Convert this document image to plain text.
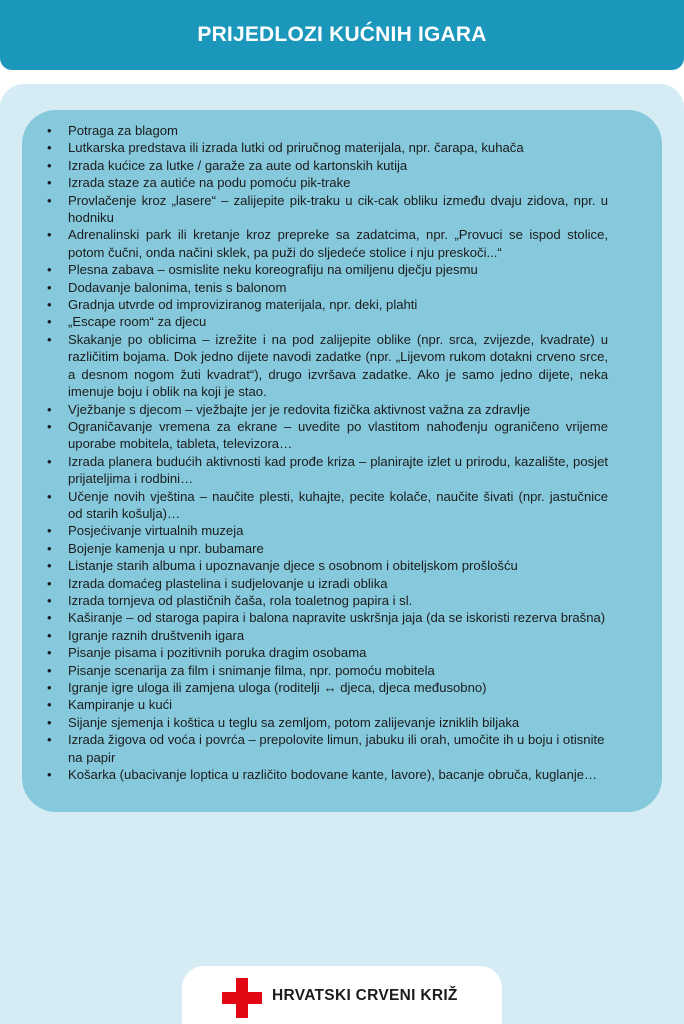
PRIJEDLOZI KUĆNIH IGARA
•	Potraga za blagom
•	Lutkarska predstava ili izrada lutki od priručnog materijala, npr. čarapa, kuhača
•	Izrada kućice za lutke / garaže za aute od kartonskih kutija
•	Izrada staze za autiće na podu pomoću pik-trake
•	Provlačenje kroz „lasere“ – zalijepite pik-traku u cik-cak obliku između dvaju zidova, npr. u hodniku
•	Adrenalinski park ili kretanje kroz prepreke sa zadatcima, npr. „Provuci se ispod stolice, potom čučni, onda načini sklek, pa puži do sljedeće stolice i nju preskoči...“
•	Plesna zabava – osmislite neku koreografiju na omiljenu dječju pjesmu
•	Dodavanje balonima, tenis s balonom
•	Gradnja utvrde od improviziranog materijala, npr. deki, plahti
•	„Escape room“ za djecu
•	Skakanje po oblicima – izrežite i na pod zalijepite oblike (npr. srca, zvijezde, kvadrate) u različitim bojama. Dok jedno dijete navodi zadatke (npr. „Lijevom rukom dotakni crveno srce, a desnom nogom žuti kvadrat“), drugo izvršava zadatke. Ako je samo jedno dijete, neka imenuje boju i oblik na koji je stao.
•	Vježbanje s djecom – vježbajte jer je redovita fizička aktivnost važna za zdravlje
•	Ograničavanje vremena za ekrane – uvedite po vlastitom nahođenju ograničeno vrijeme uporabe mobitela, tableta, televizora…
•	Izrada planera budućih aktivnosti kad prođe kriza – planirajte izlet u prirodu, kazalište, posjet prijateljima i rodbini…
•	Učenje novih vještina – naučite plesti, kuhajte, pecite kolače, naučite šivati (npr. jastučnice od starih košulja)…
•	Posjećivanje virtualnih muzeja
•	Bojenje kamenja u npr. bubamare
•	Listanje starih albuma i upoznavanje djece s osobnom i obiteljskom prošlošću
•	Izrada domaćeg plastelina i sudjelovanje u izradi oblika
•	Izrada tornjeva od plastičnih čaša, rola toaletnog papira i sl.
•	Kaširanje – od staroga papira i balona napravite uskršnja jaja (da se iskoristi rezerva brašna)
•	Igranje raznih društvenih igara
•	Pisanje pisama i pozitivnih poruka dragim osobama
•	Pisanje scenarija za film i snimanje filma, npr. pomoću mobitela
•	Igranje igre uloga ili zamjena uloga (roditelji ↔ djeca, djeca međusobno)
•	Kampiranje u kući
•	Sijanje sjemenja i koštica u teglu sa zemljom, potom zalijevanje izniklih biljaka
•	Izrada žigova od voća i povrća – prepolovite limun, jabuku ili orah, umočite ih u boju i otisnite na papir
•	Košarka (ubacivanje loptica u različito bodovane kante, lavore), bacanje obruča, kuglanje…
HRVATSKI CRVENI KRIŽ
